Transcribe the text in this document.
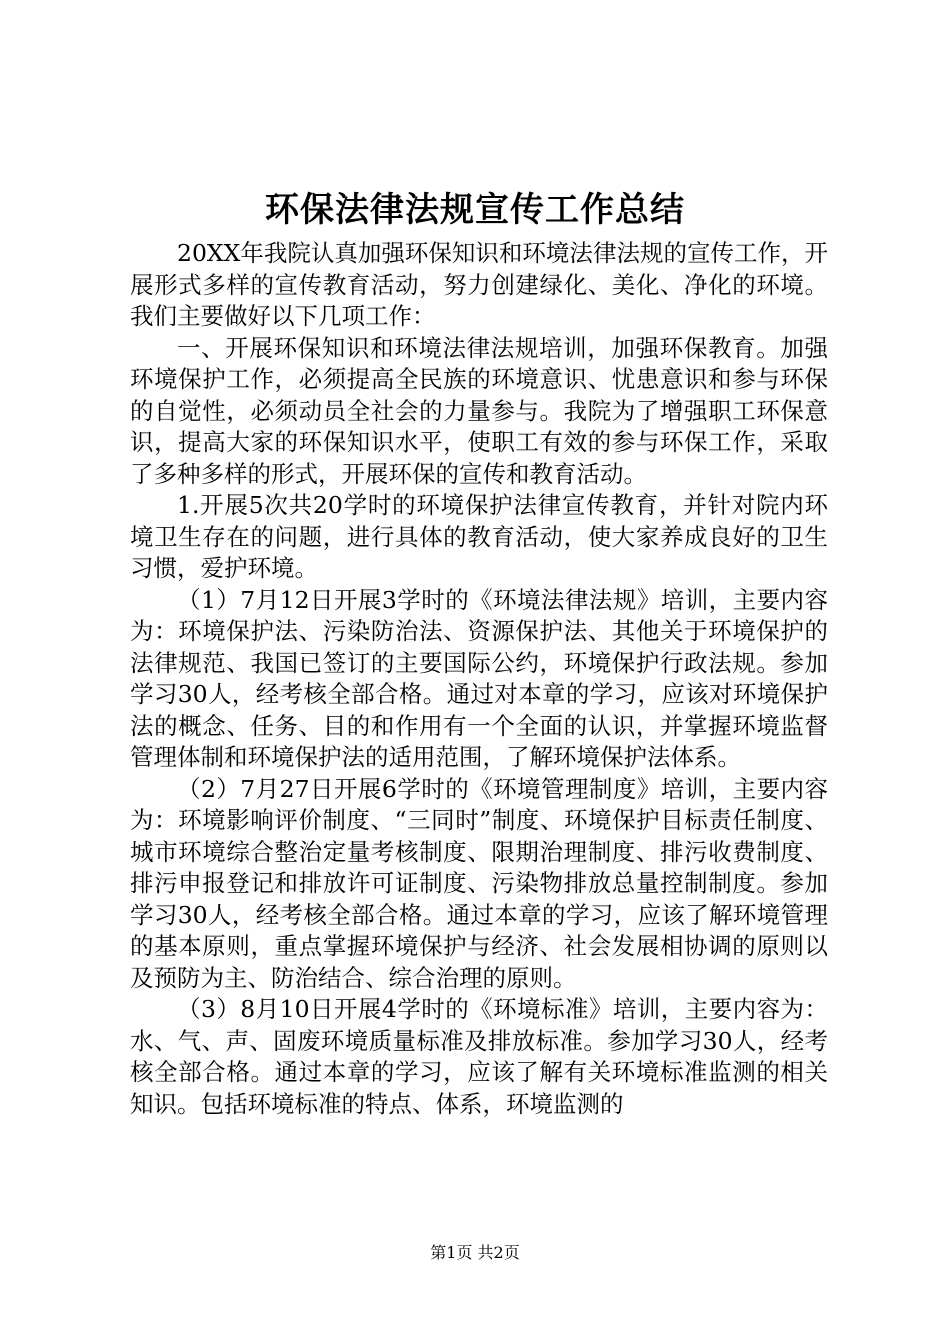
环保法律法规宣传工作总结

20XX年我院认真加强环保知识和环境法律法规的宣传工作，开展形式多样的宣传教育活动，努力创建绿化、美化、净化的环境。我们主要做好以下几项工作：

一、开展环保知识和环境法律法规培训，加强环保教育。加强环境保护工作，必须提高全民族的环境意识、忧患意识和参与环保的自觉性，必须动员全社会的力量参与。我院为了增强职工环保意识，提高大家的环保知识水平，使职工有效的参与环保工作，采取了多种多样的形式，开展环保的宣传和教育活动。

1.开展5次共20学时的环境保护法律宣传教育，并针对院内环境卫生存在的问题，进行具体的教育活动，使大家养成良好的卫生习惯，爱护环境。

（1）7月12日开展3学时的《环境法律法规》培训，主要内容为：环境保护法、污染防治法、资源保护法、其他关于环境保护的法律规范、我国已签订的主要国际公约，环境保护行政法规。参加学习30人，经考核全部合格。通过对本章的学习，应该对环境保护法的概念、任务、目的和作用有一个全面的认识，并掌握环境监督管理体制和环境保护法的适用范围，了解环境保护法体系。

（2）7月27日开展6学时的《环境管理制度》培训，主要内容为：环境影响评价制度、“三同时”制度、环境保护目标责任制度、城市环境综合整治定量考核制度、限期治理制度、排污收费制度、排污申报登记和排放许可证制度、污染物排放总量控制制度。参加学习30人，经考核全部合格。通过本章的学习，应该了解环境管理的基本原则，重点掌握环境保护与经济、社会发展相协调的原则以及预防为主、防治结合、综合治理的原则。

（3）8月10日开展4学时的《环境标准》培训，主要内容为：水、气、声、固废环境质量标准及排放标准。参加学习30人，经考核全部合格。通过本章的学习，应该了解有关环境标准监测的相关知识。包括环境标准的特点、体系，环境监测的

第1页 共2页
